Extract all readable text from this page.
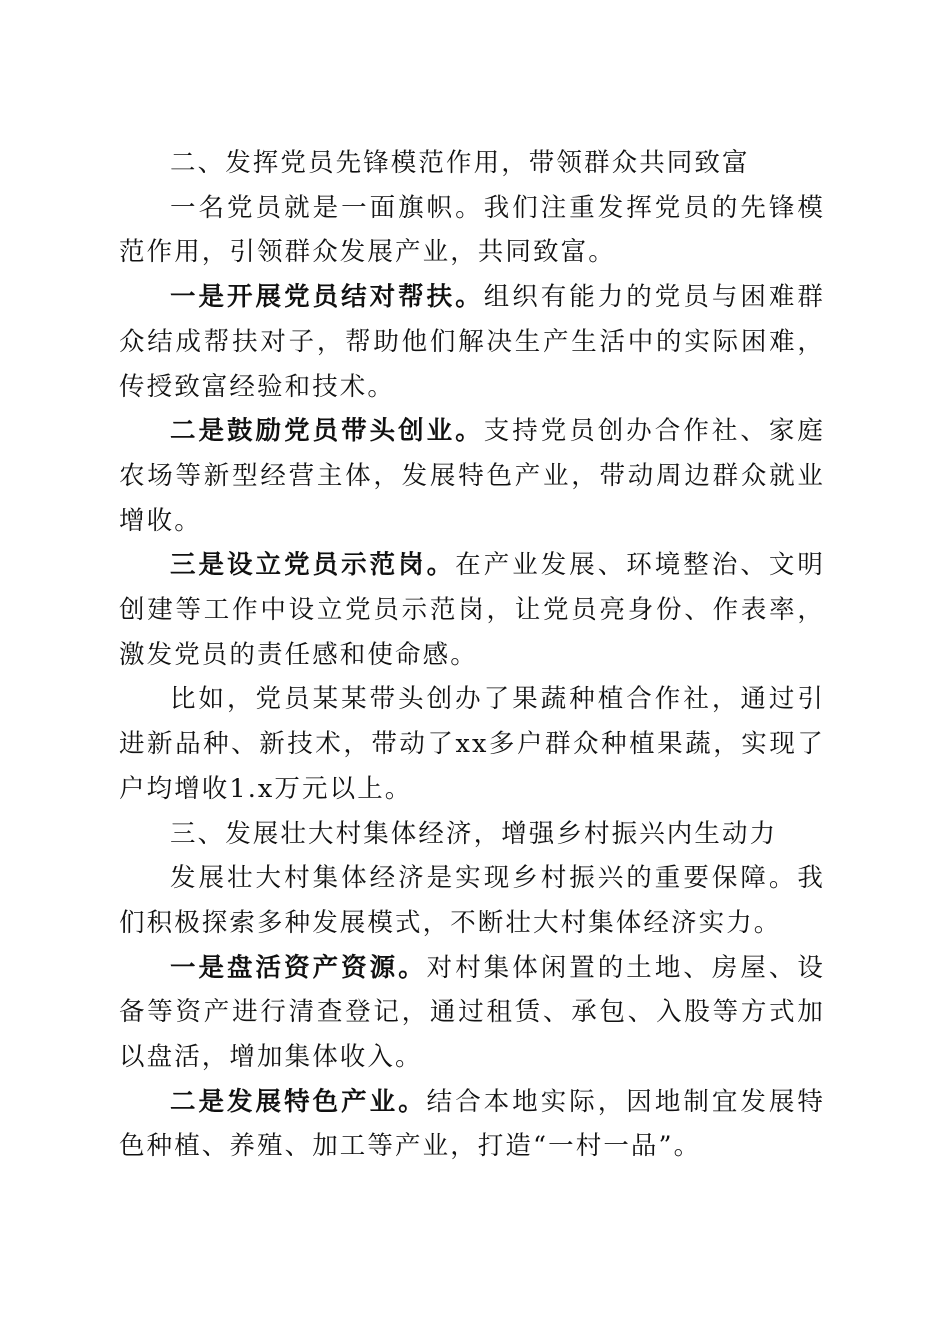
二、发挥党员先锋模范作用，带领群众共同致富

一名党员就是一面旗帜。我们注重发挥党员的先锋模范作用，引领群众发展产业，共同致富。

一是开展党员结对帮扶。组织有能力的党员与困难群众结成帮扶对子，帮助他们解决生产生活中的实际困难，传授致富经验和技术。

二是鼓励党员带头创业。支持党员创办合作社、家庭农场等新型经营主体，发展特色产业，带动周边群众就业增收。

三是设立党员示范岗。在产业发展、环境整治、文明创建等工作中设立党员示范岗，让党员亮身份、作表率，激发党员的责任感和使命感。

比如，党员某某带头创办了果蔬种植合作社，通过引进新品种、新技术，带动了xx多户群众种植果蔬，实现了户均增收1.x万元以上。

三、发展壮大村集体经济，增强乡村振兴内生动力

发展壮大村集体经济是实现乡村振兴的重要保障。我们积极探索多种发展模式，不断壮大村集体经济实力。

一是盘活资产资源。对村集体闲置的土地、房屋、设备等资产进行清查登记，通过租赁、承包、入股等方式加以盘活，增加集体收入。

二是发展特色产业。结合本地实际，因地制宜发展特色种植、养殖、加工等产业，打造“一村一品”。
